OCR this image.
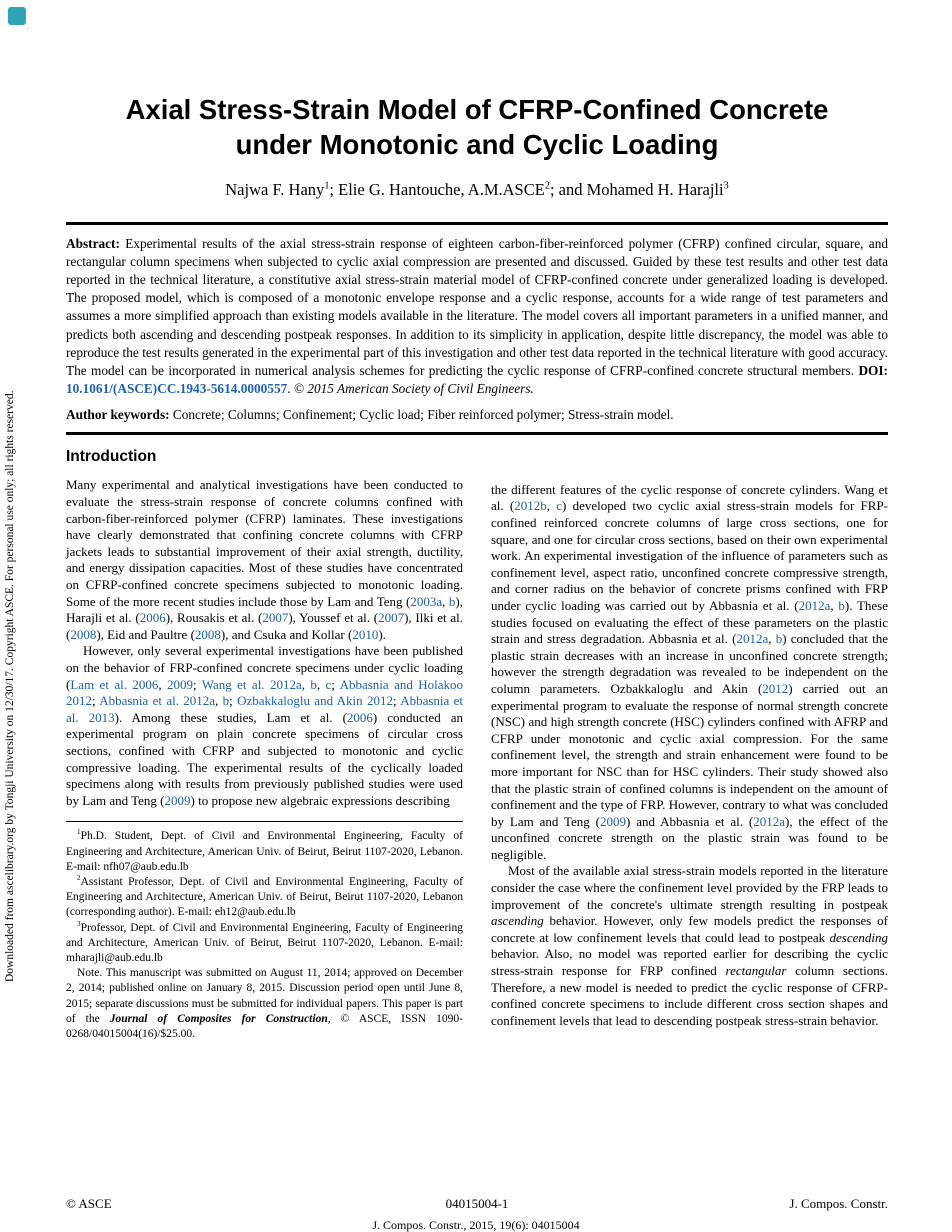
Downloaded from ascelibrary.org by Tongji University on 12/30/17. Copyright ASCE. For personal use only; all rights reserved.
Axial Stress-Strain Model of CFRP-Confined Concrete
under Monotonic and Cyclic Loading
Najwa F. Hany$^1$; Elie G. Hantouche, A.M.ASCE$^2$; and Mohamed H. Harajli$^3$

Abstract: Experimental results of the axial stress-strain response of eighteen carbon-fiber-reinforced polymer (CFRP) confined circular, square, and rectangular column specimens when subjected to cyclic axial compression are presented and discussed. Guided by these test results and other test data reported in the technical literature, a constitutive axial stress-strain material model of CFRP-confined concrete under generalized loading is developed. The proposed model, which is composed of a monotonic envelope response and a cyclic response, accounts for a wide range of test parameters and assumes a more simplified approach than existing models available in the literature. The model covers all important parameters in a unified manner, and predicts both ascending and descending postpeak responses. In addition to its simplicity in application, despite little discrepancy, the model was able to reproduce the test results generated in the experimental part of this investigation and other test data reported in the technical literature with good accuracy. The model can be incorporated in numerical analysis schemes for predicting the cyclic response of CFRP-confined concrete structural members. DOI: 10.1061/(ASCE)CC.1943-5614.0000557. © 2015 American Society of Civil Engineers.

Author keywords: Concrete; Columns; Confinement; Cyclic load; Fiber reinforced polymer; Stress-strain model.

Introduction

Many experimental and analytical investigations have been conducted to evaluate the stress-strain response of concrete columns confined with carbon-fiber-reinforced polymer (CFRP) laminates. These investigations have clearly demonstrated that confining concrete columns with CFRP jackets leads to substantial improvement of their axial strength, ductility, and energy dissipation capacities. Most of these studies have concentrated on CFRP-confined concrete specimens subjected to monotonic loading. Some of the more recent studies include those by Lam and Teng (2003a, b), Harajli et al. (2006), Rousakis et al. (2007), Youssef et al. (2007), Ilki et al. (2008), Eid and Paultre (2008), and Csuka and Kollar (2010).

However, only several experimental investigations have been published on the behavior of FRP-confined concrete specimens under cyclic loading (Lam et al. 2006, 2009; Wang et al. 2012a, b, c; Abbasnia and Holakoo 2012; Abbasnia et al. 2012a, b; Ozbakkaloglu and Akin 2012; Abbasnia et al. 2013). Among these studies, Lam et al. (2006) conducted an experimental program on plain concrete specimens of circular cross sections, confined with CFRP and subjected to monotonic and cyclic compressive loading. The experimental results of the cyclically loaded specimens along with results from previously published studies were used by Lam and Teng (2009) to propose new algebraic expressions describing

$^1$Ph.D. Student, Dept. of Civil and Environmental Engineering, Faculty of Engineering and Architecture, American Univ. of Beirut, Beirut 1107-2020, Lebanon. E-mail: nfh07@aub.edu.lb

$^2$Assistant Professor, Dept. of Civil and Environmental Engineering, Faculty of Engineering and Architecture, American Univ. of Beirut, Beirut 1107-2020, Lebanon (corresponding author). E-mail: eh12@aub.edu.lb

$^3$Professor, Dept. of Civil and Environmental Engineering, Faculty of Engineering and Architecture, American Univ. of Beirut, Beirut 1107-2020, Lebanon. E-mail: mharajli@aub.edu.lb

Note. This manuscript was submitted on August 11, 2014; approved on December 2, 2014; published online on January 8, 2015. Discussion period open until June 8, 2015; separate discussions must be submitted for individual papers. This paper is part of the Journal of Composites for Construction, © ASCE, ISSN 1090-0268/04015004(16)/$25.00.

the different features of the cyclic response of concrete cylinders. Wang et al. (2012b, c) developed two cyclic axial stress-strain models for FRP-confined reinforced concrete columns of large cross sections, one for square, and one for circular cross sections, based on their own experimental work. An experimental investigation of the influence of parameters such as confinement level, aspect ratio, unconfined concrete compressive strength, and corner radius on the behavior of concrete prisms confined with FRP under cyclic loading was carried out by Abbasnia et al. (2012a, b). These studies focused on evaluating the effect of these parameters on the plastic strain and stress degradation. Abbasnia et al. (2012a, b) concluded that the plastic strain decreases with an increase in unconfined concrete strength; however the strength degradation was revealed to be independent on the column parameters. Ozbakkaloglu and Akin (2012) carried out an experimental program to evaluate the response of normal strength concrete (NSC) and high strength concrete (HSC) cylinders confined with AFRP and CFRP under monotonic and cyclic axial compression. For the same confinement level, the strength and strain enhancement were found to be more important for NSC than for HSC cylinders. Their study showed also that the plastic strain of confined columns is independent on the amount of confinement and the type of FRP. However, contrary to what was concluded by Lam and Teng (2009) and Abbasnia et al. (2012a), the effect of the unconfined concrete strength on the plastic strain was found to be negligible.

Most of the available axial stress-strain models reported in the literature consider the case where the confinement level provided by the FRP leads to improvement of the concrete's ultimate strength resulting in postpeak ascending behavior. However, only few models predict the responses of concrete at low confinement levels that could lead to postpeak descending behavior. Also, no model was reported earlier for describing the cyclic stress-strain response for FRP confined rectangular column sections. Therefore, a new model is needed to predict the cyclic response of CFRP-confined concrete specimens to include different cross section shapes and confinement levels that lead to descending postpeak stress-strain behavior.

© ASCE	04015004-1	J. Compos. Constr.
J. Compos. Constr., 2015, 19(6): 04015004
